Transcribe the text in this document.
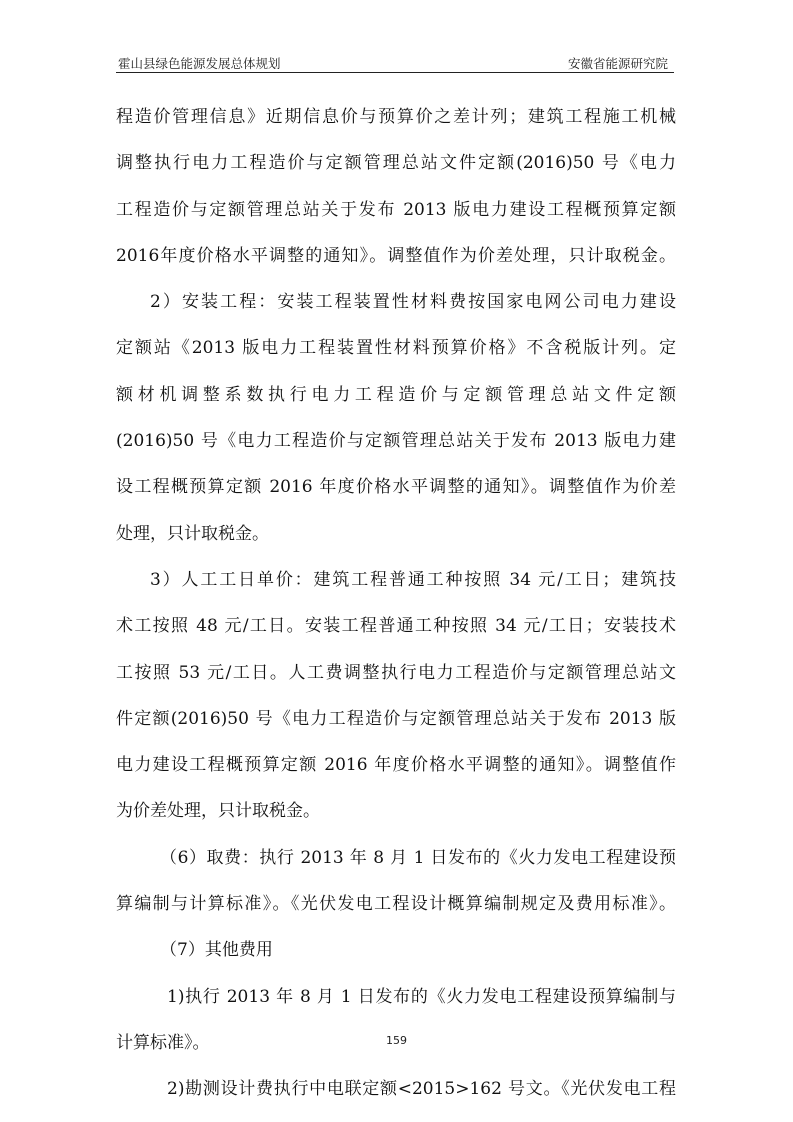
霍山县绿色能源发展总体规划	安徽省能源研究院
程造价管理信息》近期信息价与预算价之差计列；建筑工程施工机械
调整执行电力工程造价与定额管理总站文件定额(2016)50 号《电力
工程造价与定额管理总站关于发布 2013 版电力建设工程概预算定额
2016年度价格水平调整的通知》。调整值作为价差处理，只计取税金。
2）安装工程：安装工程装置性材料费按国家电网公司电力建设
定额站《2013 版电力工程装置性材料预算价格》不含税版计列。定
额材机调整系数执行电力工程造价与定额管理总站文件定额
(2016)50 号《电力工程造价与定额管理总站关于发布 2013 版电力建
设工程概预算定额 2016 年度价格水平调整的通知》。调整值作为价差
处理，只计取税金。
3）人工工日单价：建筑工程普通工种按照 34 元/工日；建筑技
术工按照 48 元/工日。安装工程普通工种按照 34 元/工日；安装技术
工按照 53 元/工日。人工费调整执行电力工程造价与定额管理总站文
件定额(2016)50 号《电力工程造价与定额管理总站关于发布 2013 版
电力建设工程概预算定额 2016 年度价格水平调整的通知》。调整值作
为价差处理，只计取税金。
（6）取费：执行 2013 年 8 月 1 日发布的《火力发电工程建设预
算编制与计算标准》。《光伏发电工程设计概算编制规定及费用标准》。
（7）其他费用
1)执行 2013 年 8 月 1 日发布的《火力发电工程建设预算编制与
计算标准》。
2)勘测设计费执行中电联定额<2015>162 号文。《光伏发电工程
159
